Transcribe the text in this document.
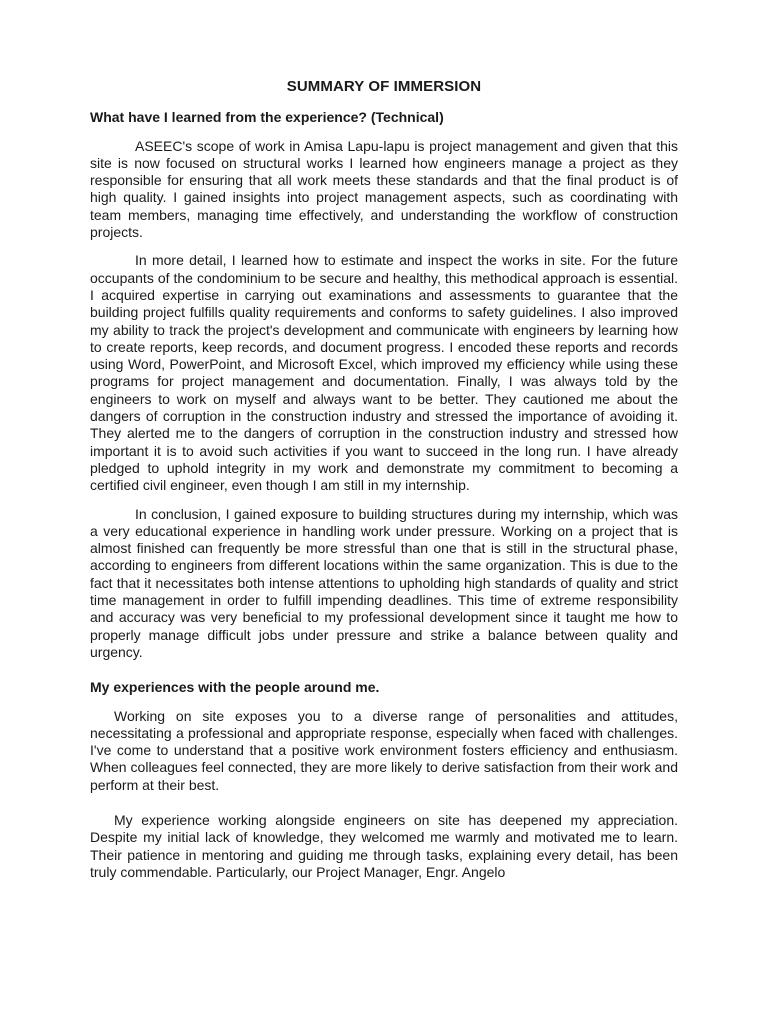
SUMMARY OF IMMERSION
What have I learned from the experience? (Technical)

ASEEC's scope of work in Amisa Lapu-lapu is project management and given that this site is now focused on structural works I learned how engineers manage a project as they responsible for ensuring that all work meets these standards and that the final product is of high quality. I gained insights into project management aspects, such as coordinating with team members, managing time effectively, and understanding the workflow of construction projects.

In more detail, I learned how to estimate and inspect the works in site. For the future occupants of the condominium to be secure and healthy, this methodical approach is essential. I acquired expertise in carrying out examinations and assessments to guarantee that the building project fulfills quality requirements and conforms to safety guidelines. I also improved my ability to track the project's development and communicate with engineers by learning how to create reports, keep records, and document progress. I encoded these reports and records using Word, PowerPoint, and Microsoft Excel, which improved my efficiency while using these programs for project management and documentation. Finally, I was always told by the engineers to work on myself and always want to be better. They cautioned me about the dangers of corruption in the construction industry and stressed the importance of avoiding it. They alerted me to the dangers of corruption in the construction industry and stressed how important it is to avoid such activities if you want to succeed in the long run. I have already pledged to uphold integrity in my work and demonstrate my commitment to becoming a certified civil engineer, even though I am still in my internship.

In conclusion, I gained exposure to building structures during my internship, which was a very educational experience in handling work under pressure. Working on a project that is almost finished can frequently be more stressful than one that is still in the structural phase, according to engineers from different locations within the same organization. This is due to the fact that it necessitates both intense attentions to upholding high standards of quality and strict time management in order to fulfill impending deadlines. This time of extreme responsibility and accuracy was very beneficial to my professional development since it taught me how to properly manage difficult jobs under pressure and strike a balance between quality and urgency.

My experiences with the people around me.

Working on site exposes you to a diverse range of personalities and attitudes, necessitating a professional and appropriate response, especially when faced with challenges. I've come to understand that a positive work environment fosters efficiency and enthusiasm. When colleagues feel connected, they are more likely to derive satisfaction from their work and perform at their best.

My experience working alongside engineers on site has deepened my appreciation. Despite my initial lack of knowledge, they welcomed me warmly and motivated me to learn. Their patience in mentoring and guiding me through tasks, explaining every detail, has been truly commendable. Particularly, our Project Manager, Engr. Angelo
